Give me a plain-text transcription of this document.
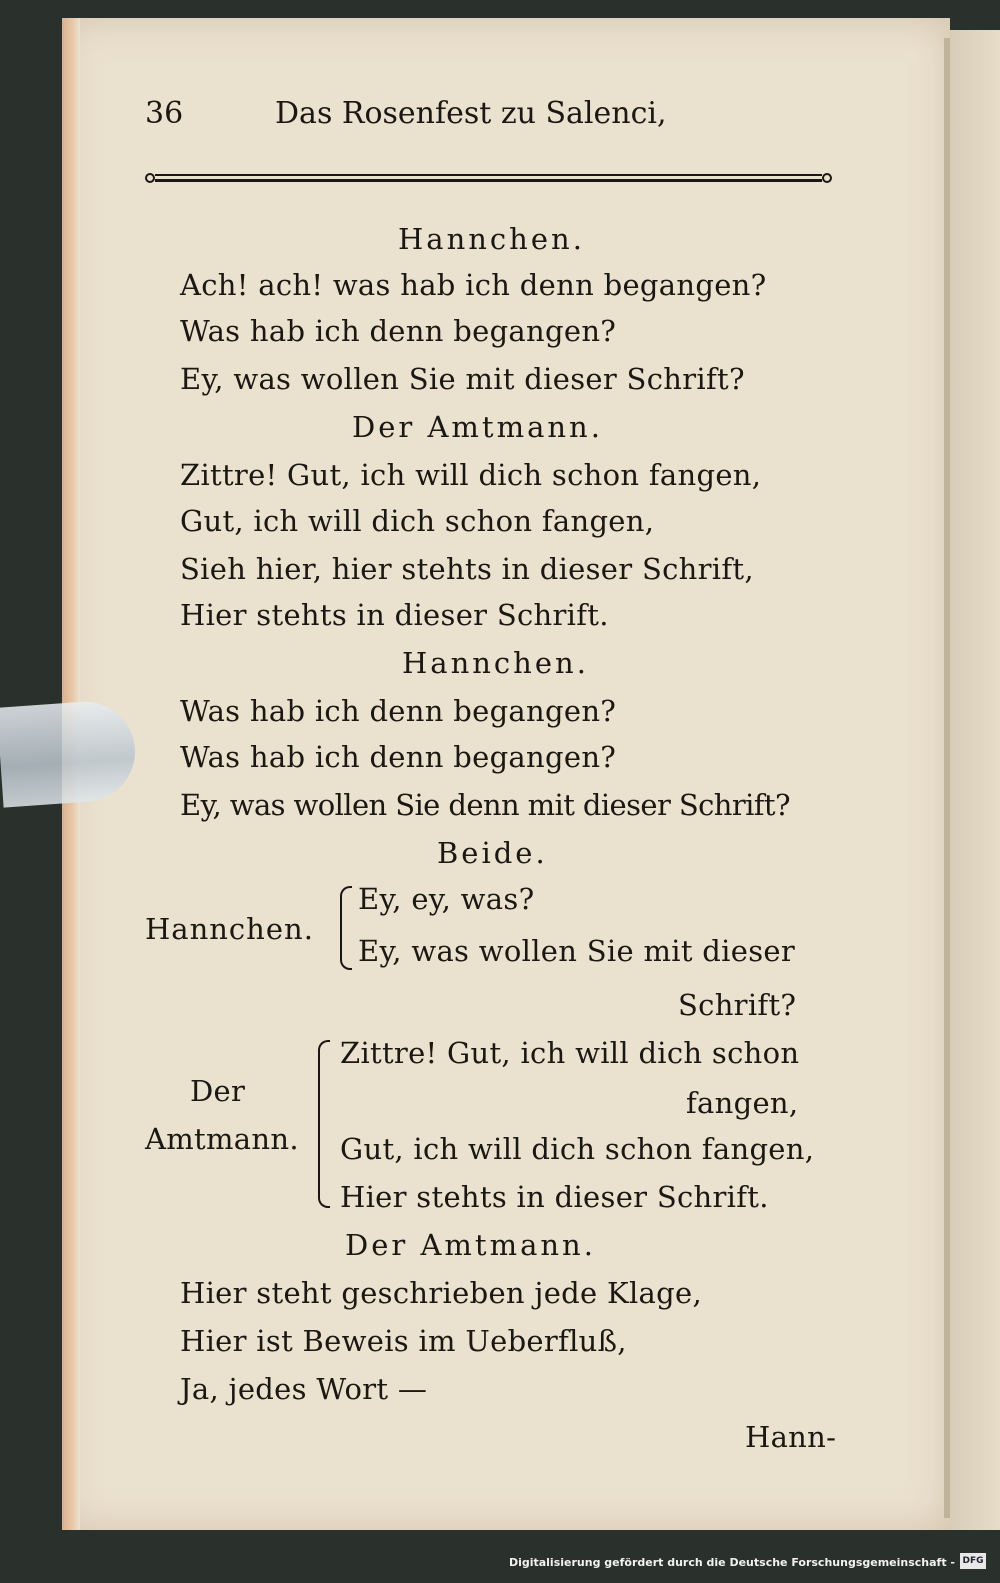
36	Das Rosenfest zu Salenci,
Hannchen.
Ach! ach! was hab ich denn begangen?
Was hab ich denn begangen?
Ey, was wollen Sie mit dieser Schrift?
Der Amtmann.
Zittre! Gut, ich will dich schon fangen,
Gut, ich will dich schon fangen,
Sieh hier, hier stehts in dieser Schrift,
Hier stehts in dieser Schrift.
Hannchen.
Was hab ich denn begangen?
Was hab ich denn begangen?
Ey, was wollen Sie denn mit dieser Schrift?
Beide.
Hannchen.
Ey, ey, was?
Ey, was wollen Sie mit dieser
Schrift?
Der
Amtmann.
Zittre! Gut, ich will dich schon
fangen,
Gut, ich will dich schon fangen,
Hier stehts in dieser Schrift.
Der Amtmann.
Hier steht geschrieben jede Klage,
Hier ist Beweis im Ueberfluß,
Ja, jedes Wort —
Hann-
Digitalisierung gefördert durch die Deutsche Forschungsgemeinschaft - DFG
